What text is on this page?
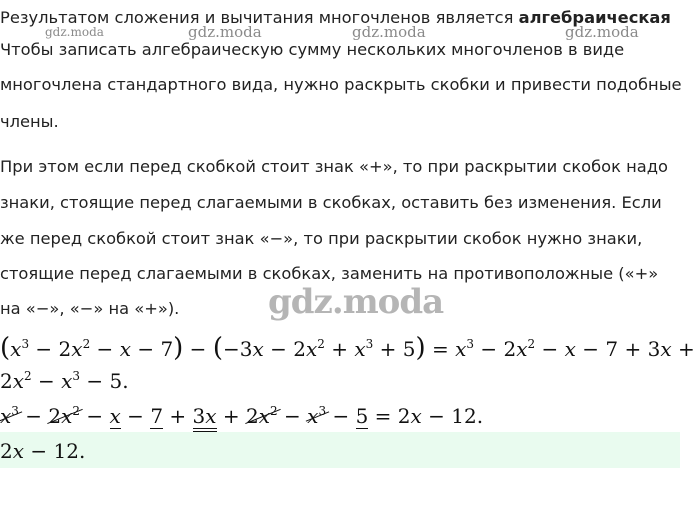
gdz.moda	gdz.moda	gdz.moda	gdz.moda
Результатом сложения и вычитания многочленов является алгебраическая
Чтобы записать алгебраическую сумму нескольких многочленов в виде
многочлена стандартного вида, нужно раскрыть скобки и привести подобные
члены.
При этом если перед скобкой стоит знак «+», то при раскрытии скобок надо
знаки, стоящие перед слагаемыми в скобках, оставить без изменения. Если
же перед скобкой стоит знак «−», то при раскрытии скобок нужно знаки,
стоящие перед слагаемыми в скобках, заменить на противоположные («+»
на «−», «−» на «+»).	gdz.moda
$(x^3 - 2x^2 - x - 7) - (-3x - 2x^2 + x^3 + 5) = x^3 - 2x^2 - x - 7 + 3x$ +
$2x^2 - x^3 - 5$.
$x^3 - 2x^2 - x - 7 + 3x + 2x^2 - x^3 - 5 = 2x - 12$.
2x − 12.
